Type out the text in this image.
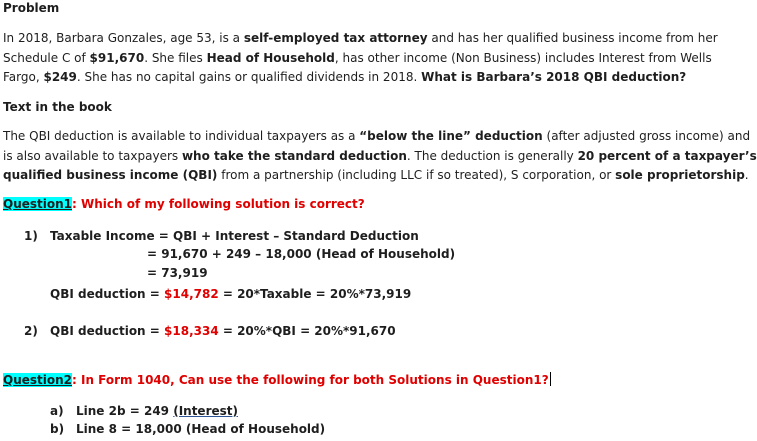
Problem
In 2018, Barbara Gonzales, age 53, is a self-employed tax attorney and has her qualified business income from her
Schedule C of $91,670. She files Head of Household, has other income (Non Business) includes Interest from Wells
Fargo, $249. She has no capital gains or qualified dividends in 2018. What is Barbara’s 2018 QBI deduction?
Text in the book
The QBI deduction is available to individual taxpayers as a “below the line” deduction (after adjusted gross income) and
is also available to taxpayers who take the standard deduction. The deduction is generally 20 percent of a taxpayer’s
qualified business income (QBI) from a partnership (including LLC if so treated), S corporation, or sole proprietorship.
Question1: Which of my following solution is correct?
1) Taxable Income = QBI + Interest – Standard Deduction
= 91,670 + 249 – 18,000 (Head of Household)
= 73,919
QBI deduction = $14,782 = 20*Taxable = 20%*73,919
2) QBI deduction = $18,334 = 20%*QBI = 20%*91,670
Question2: In Form 1040, Can use the following for both Solutions in Question1?
a) Line 2b = 249 (Interest)
b) Line 8 = 18,000 (Head of Household)
